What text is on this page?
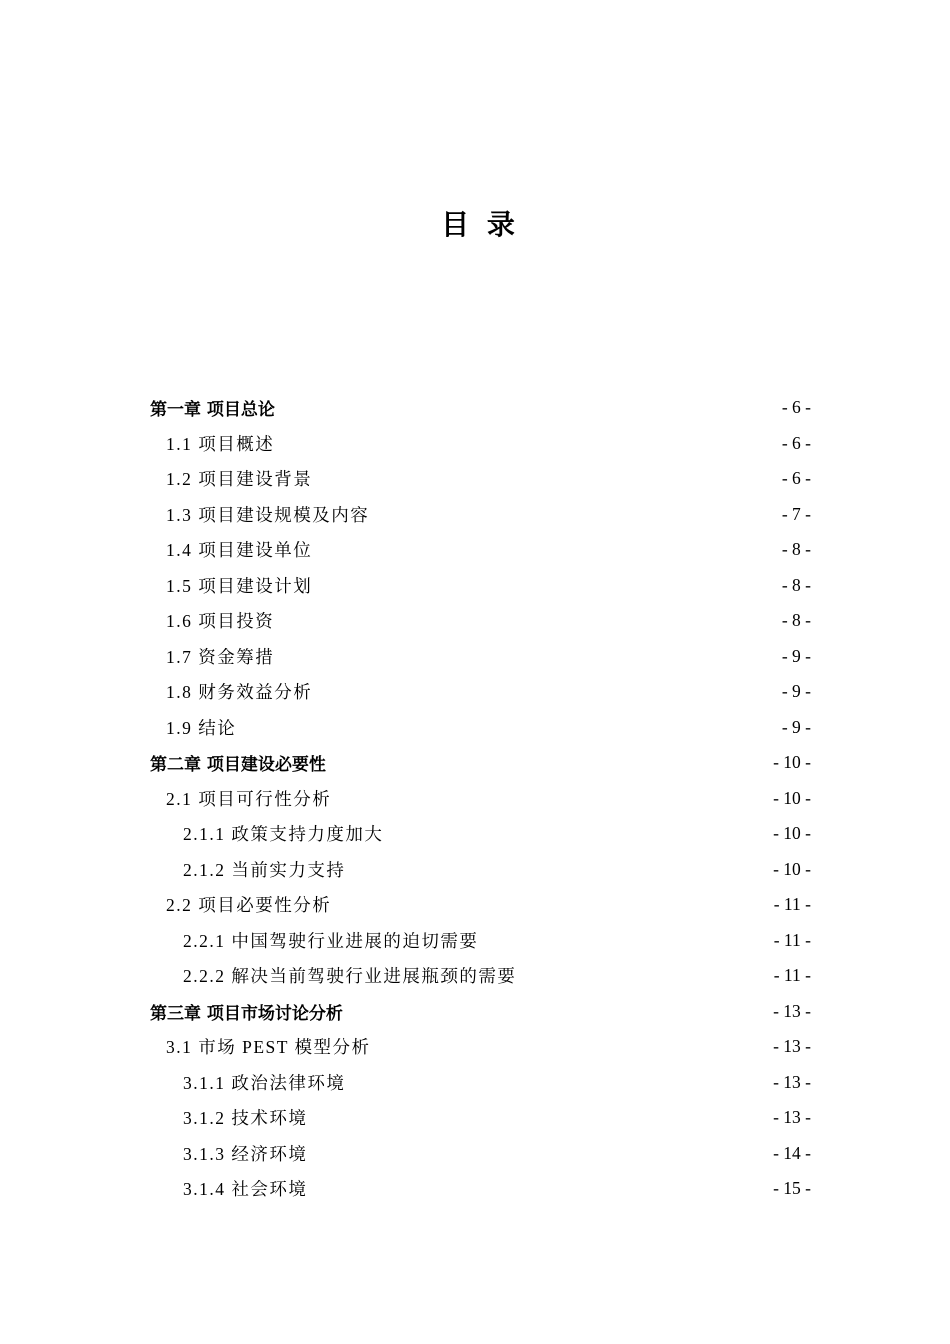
目 录
第一章 项目总论	- 6 -
1.1 项目概述	- 6 -
1.2 项目建设背景	- 6 -
1.3 项目建设规模及内容	- 7 -
1.4 项目建设单位	- 8 -
1.5 项目建设计划	- 8 -
1.6 项目投资	- 8 -
1.7 资金筹措	- 9 -
1.8 财务效益分析	- 9 -
1.9 结论	- 9 -
第二章 项目建设必要性	- 10 -
2.1 项目可行性分析	- 10 -
2.1.1 政策支持力度加大	- 10 -
2.1.2 当前实力支持	- 10 -
2.2 项目必要性分析	- 11 -
2.2.1 中国驾驶行业进展的迫切需要	- 11 -
2.2.2 解决当前驾驶行业进展瓶颈的需要	- 11 -
第三章 项目市场讨论分析	- 13 -
3.1 市场 PEST 模型分析	- 13 -
3.1.1 政治法律环境	- 13 -
3.1.2 技术环境	- 13 -
3.1.3 经济环境	- 14 -
3.1.4 社会环境	- 15 -
